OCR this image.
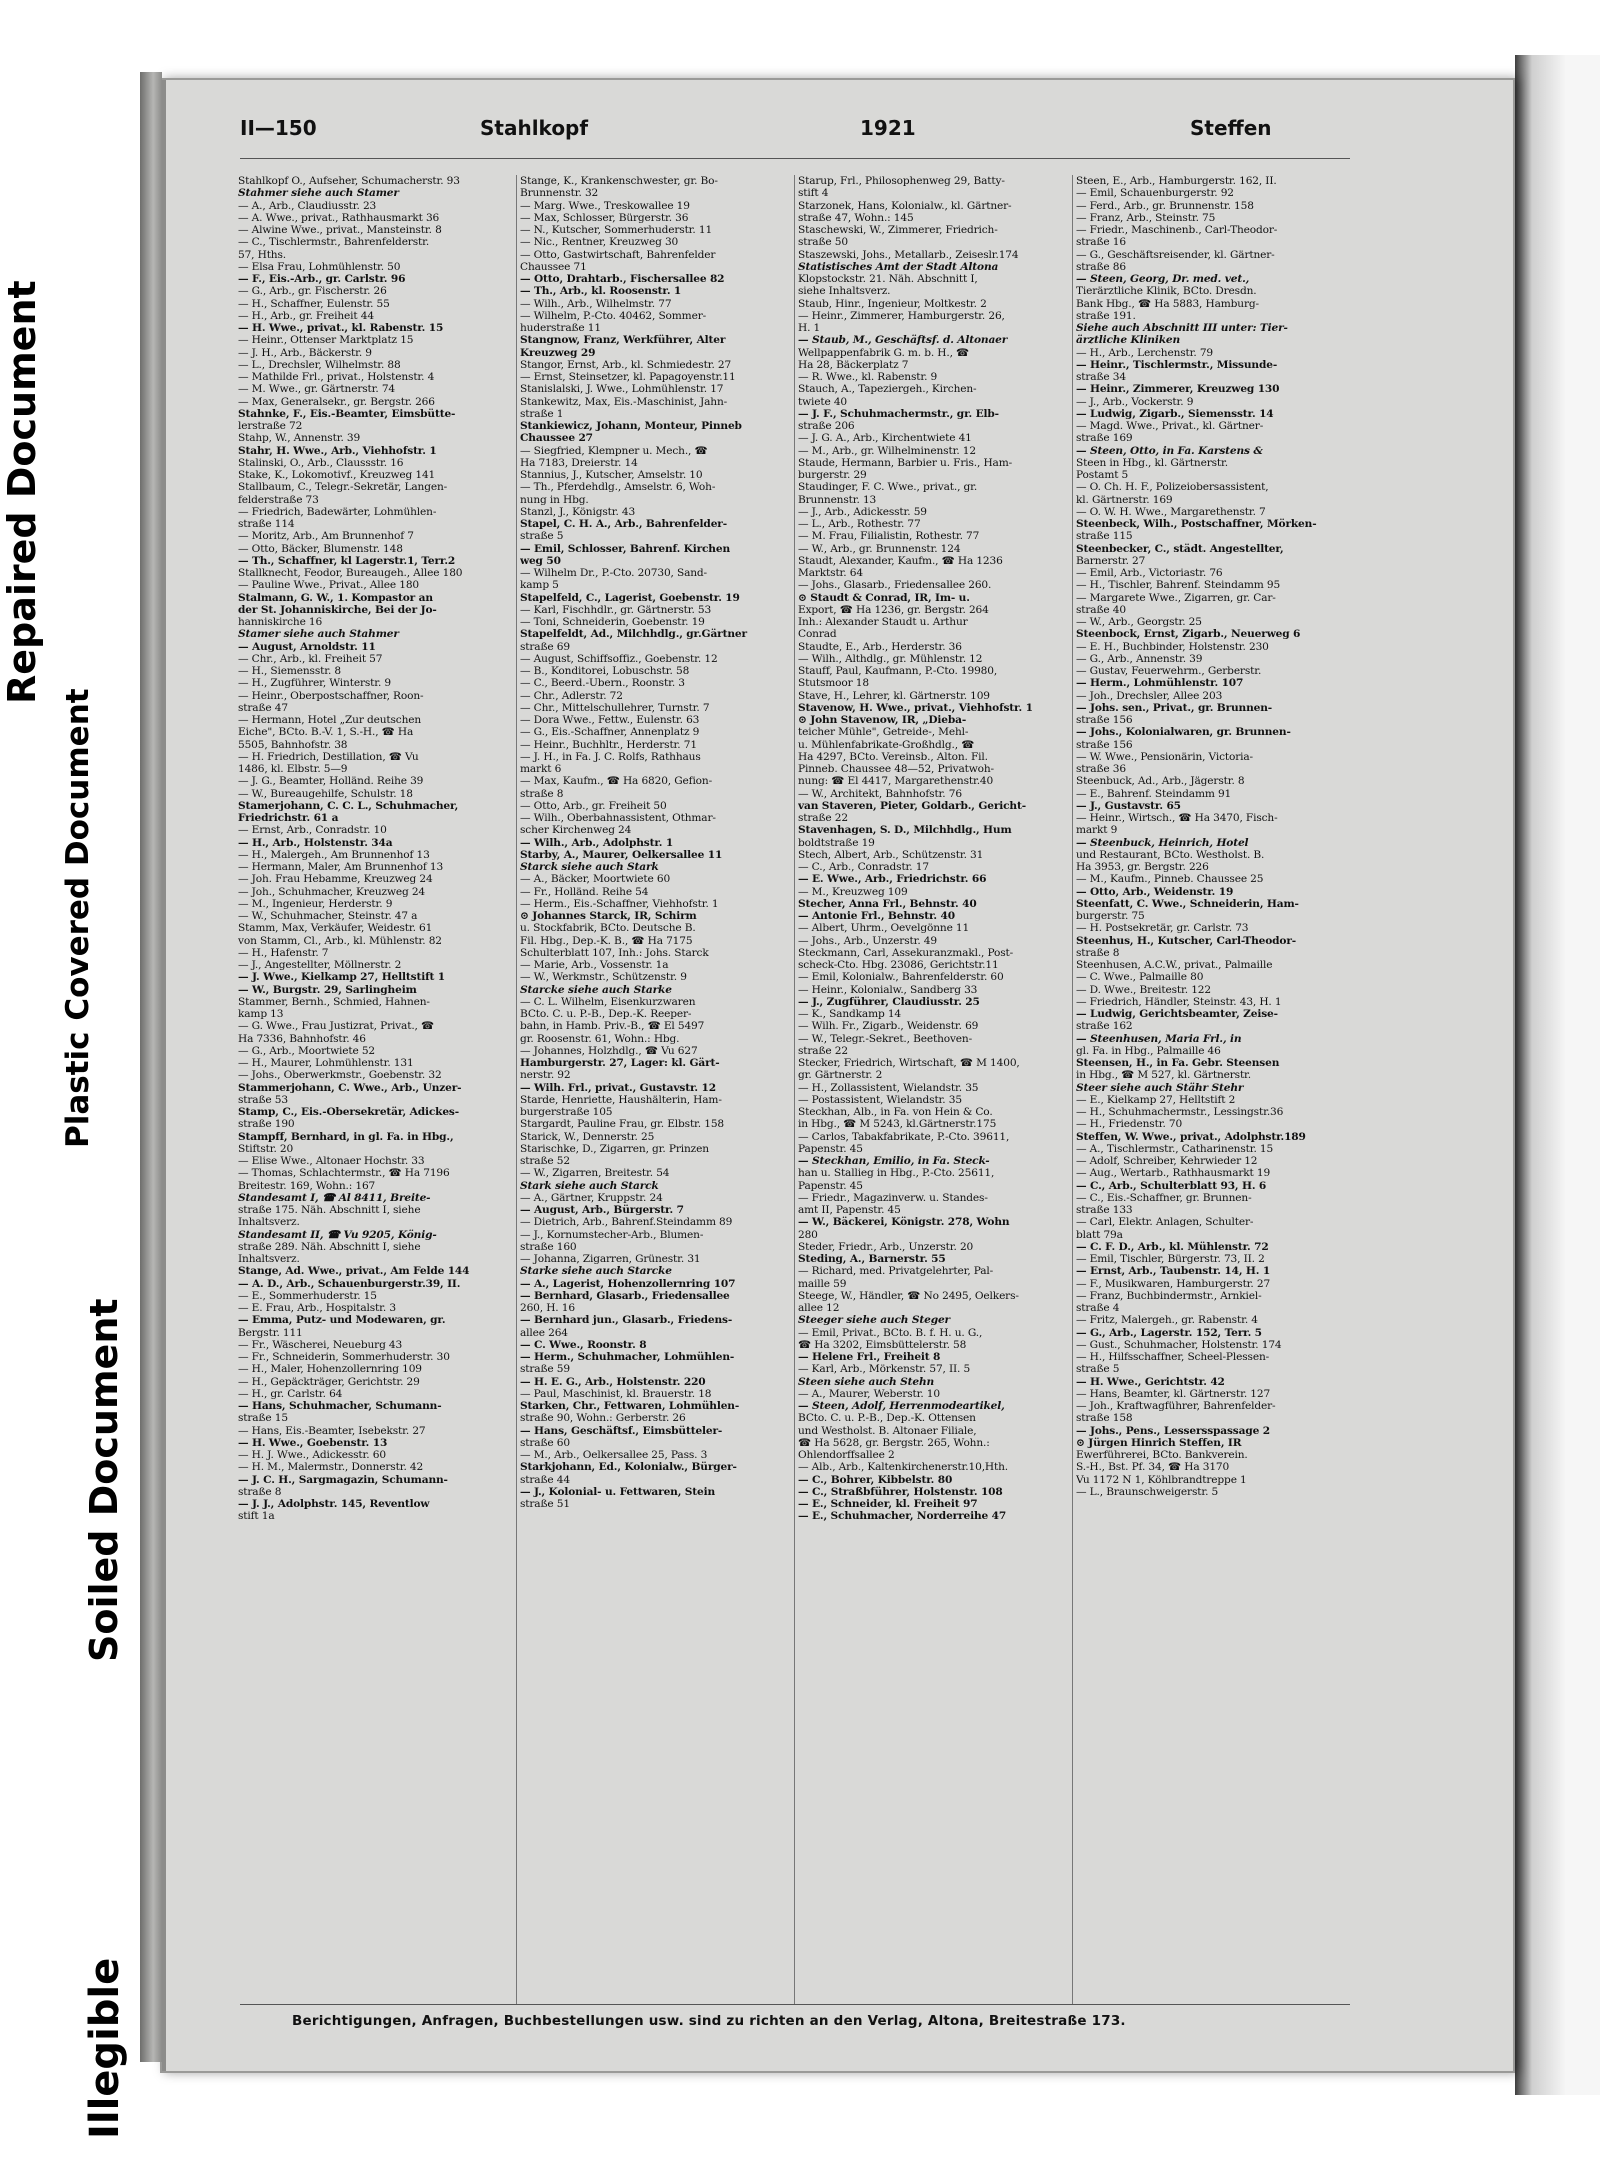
Repaired Document
Plastic Covered Document
Soiled Document
Illegible
II—150	Stahlkopf	1921	Steffen
Stahlkopf O., Aufseher, Schumacherstr. 93
Stahmer siehe auch Stamer
— A., Arb., Claudiusstr. 23
— A. Wwe., privat., Rathhausmarkt 36
— Alwine Wwe., privat., Mansteinstr. 8
— C., Tischlermstr., Bahrenfelderstr.
57, Hths.
— Elsa Frau, Lohmühlenstr. 50
— F., Eis.-Arb., gr. Carlstr. 96
— G., Arb., gr. Fischerstr. 26
— H., Schaffner, Eulenstr. 55
— H., Arb., gr. Freiheit 44
— H. Wwe., privat., kl. Rabenstr. 15
— Heinr., Ottenser Marktplatz 15
— J. H., Arb., Bäckerstr. 9
— L., Drechsler, Wilhelmstr. 88
— Mathilde Frl., privat., Holstenstr. 4
— M. Wwe., gr. Gärtnerstr. 74
— Max, Generalsekr., gr. Bergstr. 266
Stahnke, F., Eis.-Beamter, Eimsbütte-
lerstraße 72
Stahp, W., Annenstr. 39
Stahr, H. Wwe., Arb., Viehhofstr. 1
Stalinski, O., Arb., Claussstr. 16
Stake, K., Lokomotivf., Kreuzweg 141
Stallbaum, C., Telegr.-Sekretär, Langen-
felderstraße 73
— Friedrich, Badewärter, Lohmühlen-
straße 114
— Moritz, Arb., Am Brunnenhof 7
— Otto, Bäcker, Blumenstr. 148
— Th., Schaffner, kl Lagerstr.1, Terr.2
Stallknecht, Feodor, Bureaugeh., Allee 180
— Pauline Wwe., Privat., Allee 180
Stalmann, G. W., 1. Kompastor an
der St. Johanniskirche, Bei der Jo-
hanniskirche 16
Stamer siehe auch Stahmer
— August, Arnoldstr. 11
— Chr., Arb., kl. Freiheit 57
— H., Siemensstr. 8
— H., Zugführer, Winterstr. 9
— Heinr., Oberpostschaffner, Roon-
straße 47
— Hermann, Hotel „Zur deutschen
Eiche", BCto. B.-V. 1, S.-H., ☎ Ha
5505, Bahnhofstr. 38
— H. Friedrich, Destillation, ☎ Vu
1486, kl. Elbstr. 5—9
— J. G., Beamter, Holländ. Reihe 39
— W., Bureaugehilfe, Schulstr. 18
Stamerjohann, C. C. L., Schuhmacher,
Friedrichstr. 61 a
— Ernst, Arb., Conradstr. 10
— H., Arb., Holstenstr. 34a
— H., Malergeh., Am Brunnenhof 13
— Hermann, Maler, Am Brunnenhof 13
— Joh. Frau Hebamme, Kreuzweg 24
— Joh., Schuhmacher, Kreuzweg 24
— M., Ingenieur, Herderstr. 9
— W., Schuhmacher, Steinstr. 47 a
Stamm, Max, Verkäufer, Weidestr. 61
von Stamm, Cl., Arb., kl. Mühlenstr. 82
— H., Hafenstr. 7
— J., Angestellter, Möllnerstr. 2
— J. Wwe., Kielkamp 27, Helltstift 1
— W., Burgstr. 29, Sarlingheim
Stammer, Bernh., Schmied, Hahnen-
kamp 13
— G. Wwe., Frau Justizrat, Privat., ☎
Ha 7336, Bahnhofstr. 46
— G., Arb., Moortwiete 52
— H., Maurer, Lohmühlenstr. 131
— Johs., Oberwerkmstr., Goebenstr. 32
Stammerjohann, C. Wwe., Arb., Unzer-
straße 53
Stamp, C., Eis.-Obersekretär, Adickes-
straße 190
Stampff, Bernhard, in gl. Fa. in Hbg.,
Stiftstr. 20
— Elise Wwe., Altonaer Hochstr. 33
— Thomas, Schlachtermstr., ☎ Ha 7196
Breitestr. 169, Wohn.: 167
Standesamt I, ☎ Al 8411, Breite-
straße 175. Näh. Abschnitt I, siehe
Inhaltsverz.
Standesamt II, ☎ Vu 9205, König-
straße 289. Näh. Abschnitt I, siehe
Inhaltsverz.
Stange, Ad. Wwe., privat., Am Felde 144
— A. D., Arb., Schauenburgerstr.39, II.
— E., Sommerhuderstr. 15
— E. Frau, Arb., Hospitalstr. 3
— Emma, Putz- und Modewaren, gr.
Bergstr. 111
— Fr., Wäscherei, Neueburg 43
— Fr., Schneiderin, Sommerhuderstr. 30
— H., Maler, Hohenzollernring 109
— H., Gepäckträger, Gerichtstr. 29
— H., gr. Carlstr. 64
— Hans, Schuhmacher, Schumann-
straße 15
— Hans, Eis.-Beamter, Isebekstr. 27
— H. Wwe., Goebenstr. 13
— H. J. Wwe., Adickesstr. 60
— H. M., Malermstr., Donnerstr. 42
— J. C. H., Sargmagazin, Schumann-
straße 8
— J. J., Adolphstr. 145, Reventlow
stift 1a
Stange, K., Krankenschwester, gr. Bo-
Brunnenstr. 32
— Marg. Wwe., Treskowallee 19
— Max, Schlosser, Bürgerstr. 36
— N., Kutscher, Sommerhuderstr. 11
— Nic., Rentner, Kreuzweg 30
— Otto, Gastwirtschaft, Bahrenfelder
Chaussee 71
— Otto, Drahtarb., Fischersallee 82
— Th., Arb., kl. Roosenstr. 1
— Wilh., Arb., Wilhelmstr. 77
— Wilhelm, P.-Cto. 40462, Sommer-
huderstraße 11
Stangnow, Franz, Werkführer, Alter
Kreuzweg 29
Stangor, Ernst, Arb., kl. Schmiedestr. 27
— Ernst, Steinsetzer, kl. Papagoyenstr.11
Stanislalski, J. Wwe., Lohmühlenstr. 17
Stankewitz, Max, Eis.-Maschinist, Jahn-
straße 1
Stankiewicz, Johann, Monteur, Pinneb
Chaussee 27
— Siegfried, Klempner u. Mech., ☎
Ha 7183, Dreierstr. 14
Stannius, J., Kutscher, Amselstr. 10
— Th., Pferdehdlg., Amselstr. 6, Woh-
nung in Hbg.
Stanzl, J., Königstr. 43
Stapel, C. H. A., Arb., Bahrenfelder-
straße 5
— Emil, Schlosser, Bahrenf. Kirchen
weg 50
— Wilhelm Dr., P.-Cto. 20730, Sand-
kamp 5
Stapelfeld, C., Lagerist, Goebenstr. 19
— Karl, Fischhdlr., gr. Gärtnerstr. 53
— Toni, Schneiderin, Goebenstr. 19
Stapelfeldt, Ad., Milchhdlg., gr.Gärtner
straße 69
— August, Schiffsoffiz., Goebenstr. 12
— B., Konditorei, Lobuschstr. 58
— C., Beerd.-Ubern., Roonstr. 3
— Chr., Adlerstr. 72
— Chr., Mittelschullehrer, Turnstr. 7
— Dora Wwe., Fettw., Eulenstr. 63
— G., Eis.-Schaffner, Annenplatz 9
— Heinr., Buchhltr., Herderstr. 71
— J. H., in Fa. J. C. Rolfs, Rathhaus
markt 6
— Max, Kaufm., ☎ Ha 6820, Gefion-
straße 8
— Otto, Arb., gr. Freiheit 50
— Wilh., Oberbahnassistent, Othmar-
scher Kirchenweg 24
— Wilh., Arb., Adolphstr. 1
Starby, A., Maurer, Oelkersallee 11
Starck siehe auch Stark
— A., Bäcker, Moortwiete 60
— Fr., Holländ. Reihe 54
— Herm., Eis.-Schaffner, Viehhofstr. 1
⊙ Johannes Starck, IR, Schirm
u. Stockfabrik, BCto. Deutsche B.
Fil. Hbg., Dep.-K. B., ☎ Ha 7175
Schulterblatt 107, Inh.: Johs. Starck
— Marie, Arb., Vossenstr. 1a
— W., Werkmstr., Schützenstr. 9
Starcke siehe auch Starke
— C. L. Wilhelm, Eisenkurzwaren
BCto. C. u. P.-B., Dep.-K. Reeper-
bahn, in Hamb. Priv.-B., ☎ El 5497
gr. Roosenstr. 61, Wohn.: Hbg.
— Johannes, Holzhdlg., ☎ Vu 627
Hamburgerstr. 27, Lager: kl. Gärt-
nerstr. 92
— Wilh. Frl., privat., Gustavstr. 12
Starde, Henriette, Haushälterin, Ham-
burgerstraße 105
Stargardt, Pauline Frau, gr. Elbstr. 158
Starick, W., Dennerstr. 25
Starischke, D., Zigarren, gr. Prinzen
straße 52
— W., Zigarren, Breitestr. 54
Stark siehe auch Starck
— A., Gärtner, Kruppstr. 24
— August, Arb., Bürgerstr. 7
— Dietrich, Arb., Bahrenf.Steindamm 89
— J., Kornumstecher-Arb., Blumen-
straße 160
— Johanna, Zigarren, Grünestr. 31
Starke siehe auch Starcke
— A., Lagerist, Hohenzollernring 107
— Bernhard, Glasarb., Friedensallee
260, H. 16
— Bernhard jun., Glasarb., Friedens-
allee 264
— C. Wwe., Roonstr. 8
— Herm., Schuhmacher, Lohmühlen-
straße 59
— H. E. G., Arb., Holstenstr. 220
— Paul, Maschinist, kl. Brauerstr. 18
Starken, Chr., Fettwaren, Lohmühlen-
straße 90, Wohn.: Gerberstr. 26
— Hans, Geschäftsf., Eimsbütteler-
straße 60
— M., Arb., Oelkersallee 25, Pass. 3
Starkjohann, Ed., Kolonialw., Bürger-
straße 44
— J., Kolonial- u. Fettwaren, Stein
straße 51
Starup, Frl., Philosophenweg 29, Batty-
stift 4
Starzonek, Hans, Kolonialw., kl. Gärtner-
straße 47, Wohn.: 145
Staschewski, W., Zimmerer, Friedrich-
straße 50
Staszewski, Johs., Metallarb., Zeiseslr.174
Statistisches Amt der Stadt Altona
Klopstockstr. 21. Näh. Abschnitt I,
siehe Inhaltsverz.
Staub, Hinr., Ingenieur, Moltkestr. 2
— Heinr., Zimmerer, Hamburgerstr. 26,
H. 1
— Staub, M., Geschäftsf. d. Altonaer
Wellpappenfabrik G. m. b. H., ☎
Ha 28, Bäckerplatz 7
— R. Wwe., kl. Rabenstr. 9
Stauch, A., Tapeziergeh., Kirchen-
twiete 40
— J. F., Schuhmachermstr., gr. Elb-
straße 206
— J. G. A., Arb., Kirchentwiete 41
— M., Arb., gr. Wilhelminenstr. 12
Staude, Hermann, Barbier u. Fris., Ham-
burgerstr. 29
Staudinger, F. C. Wwe., privat., gr.
Brunnenstr. 13
— J., Arb., Adickesstr. 59
— L., Arb., Rothestr. 77
— M. Frau, Filialistin, Rothestr. 77
— W., Arb., gr. Brunnenstr. 124
Staudt, Alexander, Kaufm., ☎ Ha 1236
Marktstr. 64
— Johs., Glasarb., Friedensallee 260.
⊙ Staudt & Conrad, IR, Im- u.
Export, ☎ Ha 1236, gr. Bergstr. 264
Inh.: Alexander Staudt u. Arthur
Conrad
Staudte, E., Arb., Herderstr. 36
— Wilh., Althdlg., gr. Mühlenstr. 12
Stauff, Paul, Kaufmann, P.-Cto. 19980,
Stutsmoor 18
Stave, H., Lehrer, kl. Gärtnerstr. 109
Stavenow, H. Wwe., privat., Viehhofstr. 1
⊙ John Stavenow, IR, „Dieba-
teicher Mühle", Getreide-, Mehl-
u. Mühlenfabrikate-Großhdlg., ☎
Ha 4297, BCto. Vereinsb., Alton. Fil.
Pinneb. Chaussee 48—52, Privatwoh-
nung: ☎ El 4417, Margarethenstr.40
— W., Architekt, Bahnhofstr. 76
van Staveren, Pieter, Goldarb., Gericht-
straße 22
Stavenhagen, S. D., Milchhdlg., Hum
boldtstraße 19
Stech, Albert, Arb., Schützenstr. 31
— C., Arb., Conradstr. 17
— E. Wwe., Arb., Friedrichstr. 66
— M., Kreuzweg 109
Stecher, Anna Frl., Behnstr. 40
— Antonie Frl., Behnstr. 40
— Albert, Uhrm., Oevelgönne 11
— Johs., Arb., Unzerstr. 49
Steckmann, Carl, Assekuranzmakl., Post-
scheck-Cto. Hbg. 23086, Gerichtstr.11
— Emil, Kolonialw., Bahrenfelderstr. 60
— Heinr., Kolonialw., Sandberg 33
— J., Zugführer, Claudiusstr. 25
— K., Sandkamp 14
— Wilh. Fr., Zigarb., Weidenstr. 69
— W., Telegr.-Sekret., Beethoven-
straße 22
Stecker, Friedrich, Wirtschaft, ☎ M 1400,
gr. Gärtnerstr. 2
— H., Zollassistent, Wielandstr. 35
— Postassistent, Wielandstr. 35
Steckhan, Alb., in Fa. von Hein & Co.
in Hbg., ☎ M 5243, kl.Gärtnerstr.175
— Carlos, Tabakfabrikate, P.-Cto. 39611,
Papenstr. 45
— Steckhan, Emilio, in Fa. Steck-
han u. Stallieg in Hbg., P.-Cto. 25611,
Papenstr. 45
— Friedr., Magazinverw. u. Standes-
amt II, Papenstr. 45
— W., Bäckerei, Königstr. 278, Wohn
280
Steder, Friedr., Arb., Unzerstr. 20
Steding, A., Barnerstr. 55
— Richard, med. Privatgelehrter, Pal-
maille 59
Steege, W., Händler, ☎ No 2495, Oelkers-
allee 12
Steeger siehe auch Steger
— Emil, Privat., BCto. B. f. H. u. G.,
☎ Ha 3202, Eimsbüttelerstr. 58
— Helene Frl., Freiheit 8
— Karl, Arb., Mörkenstr. 57, II. 5
Steen siehe auch Stehn
— A., Maurer, Weberstr. 10
— Steen, Adolf, Herrenmodeartikel,
BCto. C. u. P.-B., Dep.-K. Ottensen
und Westholst. B. Altonaer Filiale,
☎ Ha 5628, gr. Bergstr. 265, Wohn.:
Ohlendorffsallee 2
— Alb., Arb., Kaltenkirchenerstr.10,Hth.
— C., Bohrer, Kibbelstr. 80
— C., Straßbführer, Holstenstr. 108
— E., Schneider, kl. Freiheit 97
— E., Schuhmacher, Norderreihe 47
Steen, E., Arb., Hamburgerstr. 162, II.
— Emil, Schauenburgerstr. 92
— Ferd., Arb., gr. Brunnenstr. 158
— Franz, Arb., Steinstr. 75
— Friedr., Maschinenb., Carl-Theodor-
straße 16
— G., Geschäftsreisender, kl. Gärtner-
straße 86
— Steen, Georg, Dr. med. vet.,
Tierärztliche Klinik, BCto. Dresdn.
Bank Hbg., ☎ Ha 5883, Hamburg-
straße 191.
Siehe auch Abschnitt III unter: Tier-
ärztliche Kliniken
— H., Arb., Lerchenstr. 79
— Heinr., Tischlermstr., Missunde-
straße 34
— Heinr., Zimmerer, Kreuzweg 130
— J., Arb., Vockerstr. 9
— Ludwig, Zigarb., Siemensstr. 14
— Magd. Wwe., Privat., kl. Gärtner-
straße 169
— Steen, Otto, in Fa. Karstens &
Steen in Hbg., kl. Gärtnerstr.
Postamt 5
— O. Ch. H. F., Polizeiobersassistent,
kl. Gärtnerstr. 169
— O. W. H. Wwe., Margarethenstr. 7
Steenbeck, Wilh., Postschaffner, Mörken-
straße 115
Steenbecker, C., städt. Angestellter,
Barnerstr. 27
— Emil, Arb., Victoriastr. 76
— H., Tischler, Bahrenf. Steindamm 95
— Margarete Wwe., Zigarren, gr. Car-
straße 40
— W., Arb., Georgstr. 25
Steenbock, Ernst, Zigarb., Neuerweg 6
— E. H., Buchbinder, Holstenstr. 230
— G., Arb., Annenstr. 39
— Gustav, Feuerwehrm., Gerberstr.
— Herm., Lohmühlenstr. 107
— Joh., Drechsler, Allee 203
— Johs. sen., Privat., gr. Brunnen-
straße 156
— Johs., Kolonialwaren, gr. Brunnen-
straße 156
— W. Wwe., Pensionärin, Victoria-
straße 36
Steenbuck, Ad., Arb., Jägerstr. 8
— E., Bahrenf. Steindamm 91
— J., Gustavstr. 65
— Heinr., Wirtsch., ☎ Ha 3470, Fisch-
markt 9
— Steenbuck, Heinrich, Hotel
und Restaurant, BCto. Westholst. B.
Ha 3953, gr. Bergstr. 226
— M., Kaufm., Pinneb. Chaussee 25
— Otto, Arb., Weidenstr. 19
Steenfatt, C. Wwe., Schneiderin, Ham-
burgerstr. 75
— H. Postsekretär, gr. Carlstr. 73
Steenhus, H., Kutscher, Carl-Theodor-
straße 8
Steenhusen, A.C.W., privat., Palmaille
— C. Wwe., Palmaille 80
— D. Wwe., Breitestr. 122
— Friedrich, Händler, Steinstr. 43, H. 1
— Ludwig, Gerichtsbeamter, Zeise-
straße 162
— Steenhusen, Maria Frl., in
gl. Fa. in Hbg., Palmaille 46
Steensen, H., in Fa. Gebr. Steensen
in Hbg., ☎ M 527, kl. Gärtnerstr.
Steer siehe auch Stähr Stehr
— E., Kielkamp 27, Helltstift 2
— H., Schuhmachermstr., Lessingstr.36
— H., Friedenstr. 70
Steffen, W. Wwe., privat., Adolphstr.189
— A., Tischlermstr., Catharinenstr. 15
— Adolf, Schreiber, Kehrwieder 12
— Aug., Wertarb., Rathhausmarkt 19
— C., Arb., Schulterblatt 93, H. 6
— C., Eis.-Schaffner, gr. Brunnen-
straße 133
— Carl, Elektr. Anlagen, Schulter-
blatt 79a
— C. F. D., Arb., kl. Mühlenstr. 72
— Emil, Tischler, Bürgerstr. 73, II. 2
— Ernst, Arb., Taubenstr. 14, H. 1
— F., Musikwaren, Hamburgerstr. 27
— Franz, Buchbindermstr., Arnkiel-
straße 4
— Fritz, Malergeh., gr. Rabenstr. 4
— G., Arb., Lagerstr. 152, Terr. 5
— Gust., Schuhmacher, Holstenstr. 174
— H., Hilfsschaffner, Scheel-Plessen-
straße 5
— H. Wwe., Gerichtstr. 42
— Hans, Beamter, kl. Gärtnerstr. 127
— Joh., Kraftwagführer, Bahrenfelder-
straße 158
— Johs., Pens., Lessersspassage 2
⊙ Jürgen Hinrich Steffen, IR
Ewerführerei, BCto. Bankverein.
S.-H., Bst. Pf. 34, ☎ Ha 3170
Vu 1172 N 1, Köhlbrandtreppe 1
— L., Braunschweigerstr. 5
Berichtigungen, Anfragen, Buchbestellungen usw. sind zu richten an den Verlag, Altona, Breitestraße 173.
